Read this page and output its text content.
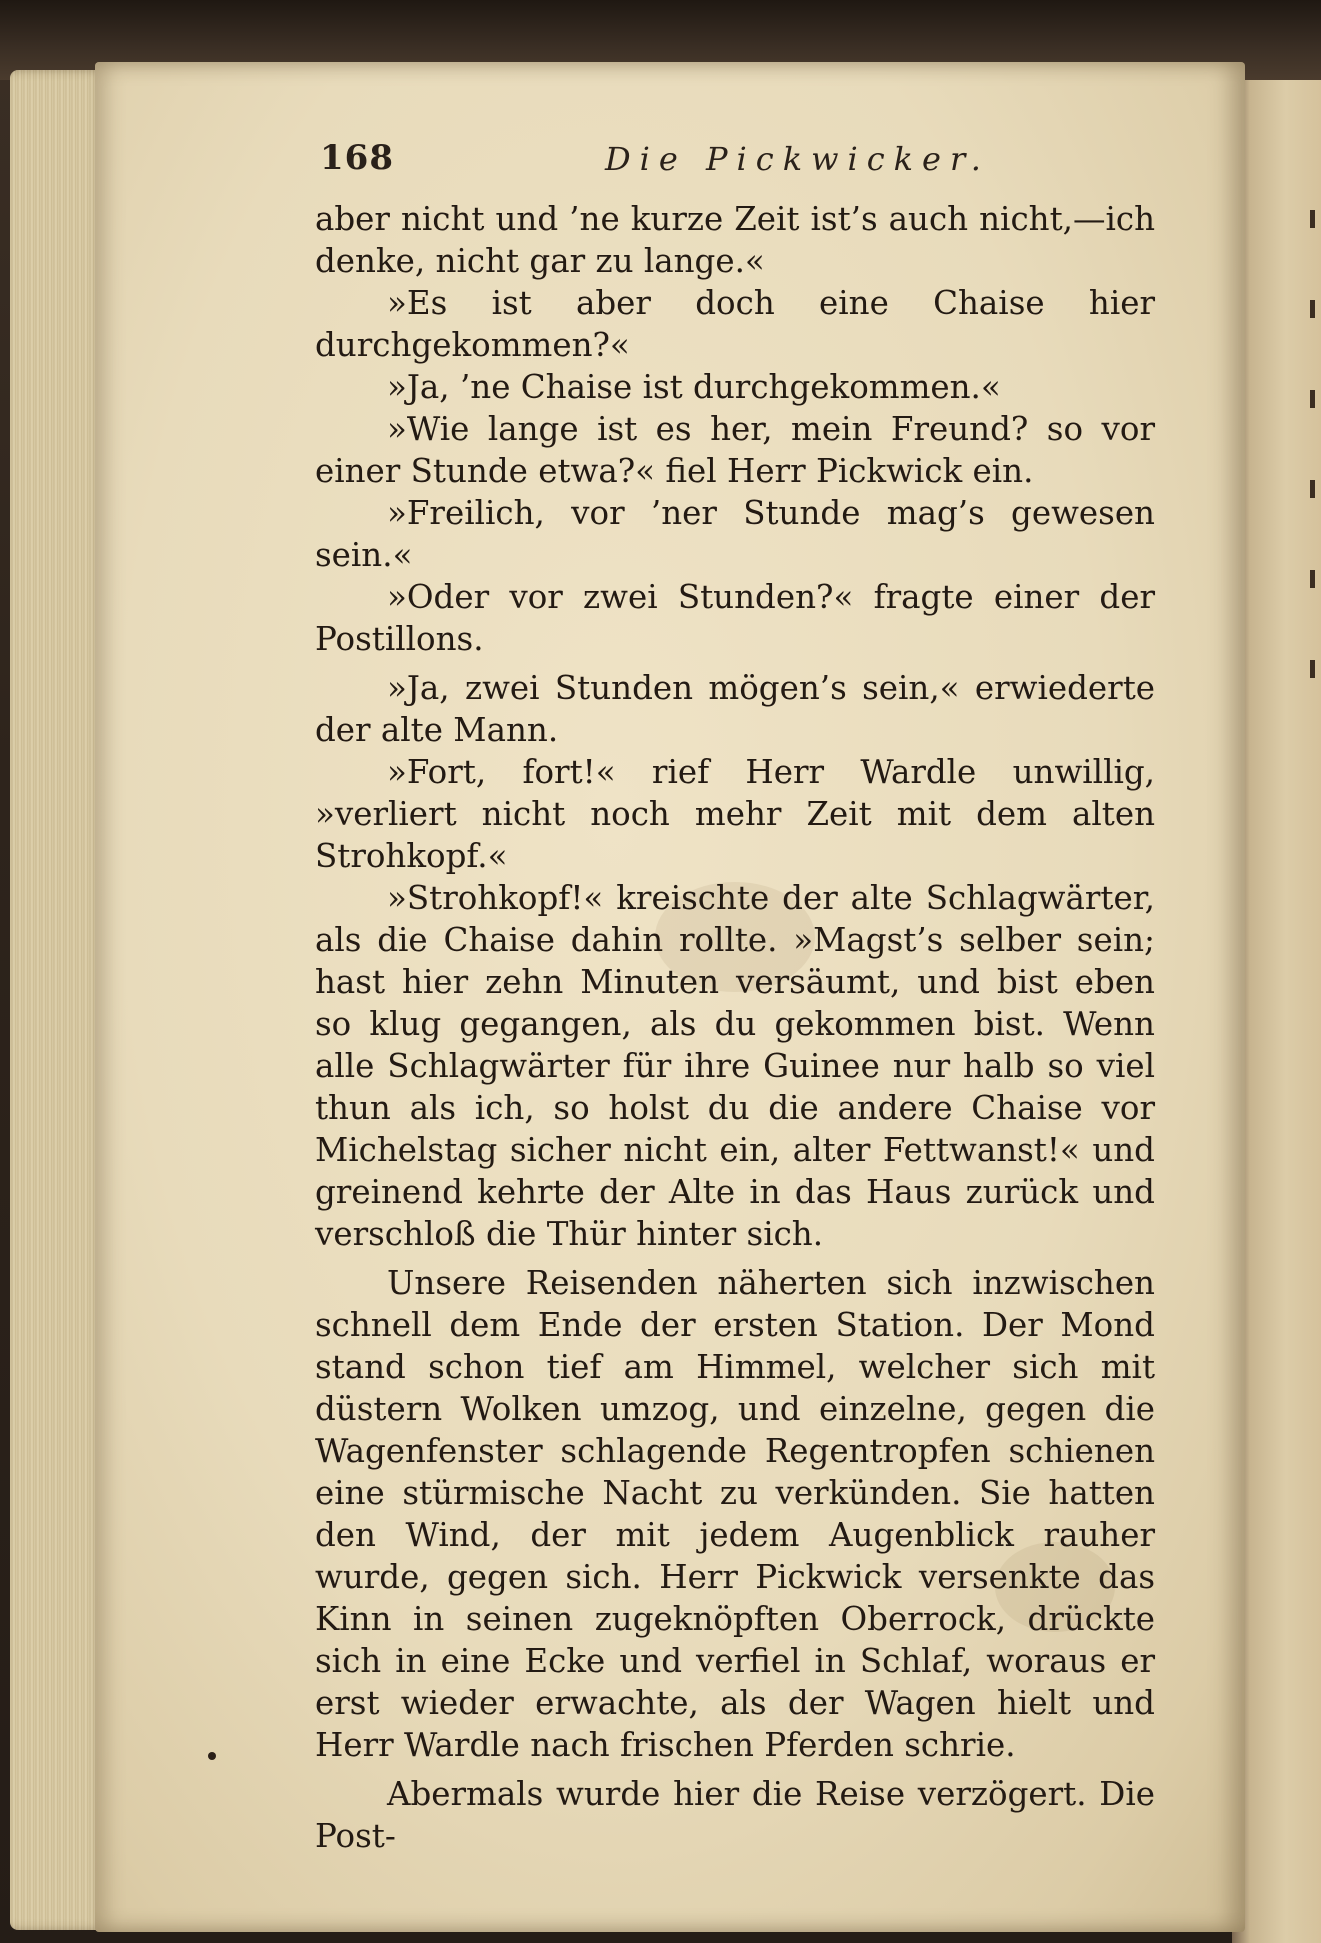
168	Die Pickwicker.

aber nicht und ’ne kurze Zeit ist’s auch nicht,—ich denke, nicht gar zu lange.«

»Es ist aber doch eine Chaise hier durchgekommen?«

»Ja, ’ne Chaise ist durchgekommen.«

»Wie lange ist es her, mein Freund? so vor einer Stunde etwa?« fiel Herr Pickwick ein.

»Freilich, vor ’ner Stunde mag’s gewesen sein.«

»Oder vor zwei Stunden?« fragte einer der Postillons.

»Ja, zwei Stunden mögen’s sein,« erwiederte der alte Mann.

»Fort, fort!« rief Herr Wardle unwillig, »verliert nicht noch mehr Zeit mit dem alten Strohkopf.«

»Strohkopf!« kreischte der alte Schlagwärter, als die Chaise dahin rollte. »Magst’s selber sein; hast hier zehn Minuten versäumt, und bist eben so klug gegangen, als du gekommen bist. Wenn alle Schlagwärter für ihre Guinee nur halb so viel thun als ich, so holst du die andere Chaise vor Michelstag sicher nicht ein, alter Fettwanst!« und greinend kehrte der Alte in das Haus zurück und verschloß die Thür hinter sich.

Unsere Reisenden näherten sich inzwischen schnell dem Ende der ersten Station. Der Mond stand schon tief am Himmel, welcher sich mit düstern Wolken umzog, und einzelne, gegen die Wagenfenster schlagende Regentropfen schienen eine stürmische Nacht zu verkünden. Sie hatten den Wind, der mit jedem Augenblick rauher wurde, gegen sich. Herr Pickwick versenkte das Kinn in seinen zugeknöpften Oberrock, drückte sich in eine Ecke und verfiel in Schlaf, woraus er erst wieder erwachte, als der Wagen hielt und Herr Wardle nach frischen Pferden schrie.

Abermals wurde hier die Reise verzögert. Die Post-
